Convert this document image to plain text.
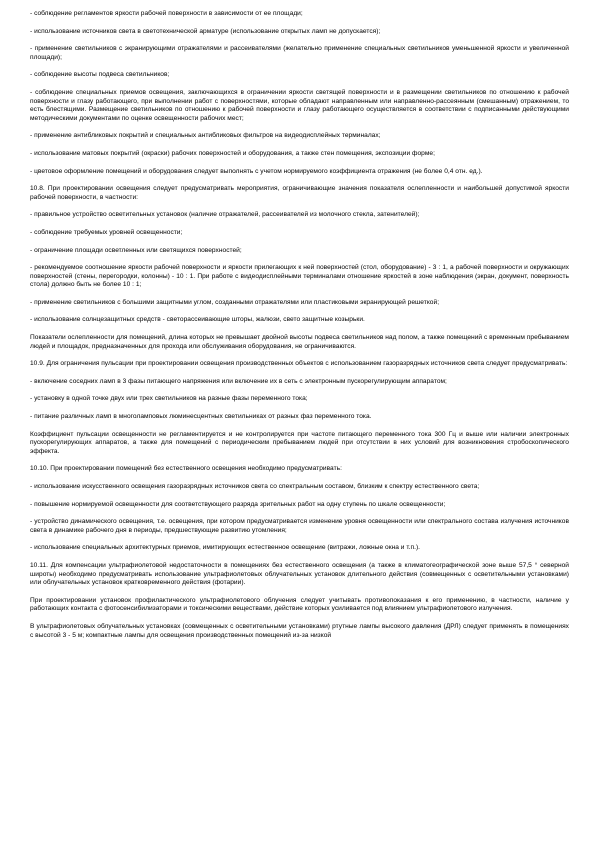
- соблюдение регламентов яркости рабочей поверхности в зависимости от ее площади;

- использование источников света в светотехнической арматуре (использование открытых ламп не допускается);

- применение светильников с экранирующими отражателями и рассеивателями (желательно применение специальных светильников уменьшенной яркости и увеличенной площади);

- соблюдение высоты подвеса светильников;

- соблюдение специальных приемов освещения, заключающихся в ограничении яркости светящей поверхности и в размещении светильников по отношению к рабочей поверхности и глазу работающего, при выполнении работ с поверхностями, которые обладают направленным или направленно-рассеянным (смешанным) отражением, то есть блестящими. Размещение светильников по отношению к рабочей поверхности и глазу работающего осуществляется в соответствии с подписанными действующими методическими документами по оценке освещенности рабочих мест;

- применение антибликовых покрытий и специальных антибликовых фильтров на видеодисплейных терминалах;

- использование матовых покрытий (окраски) рабочих поверхностей и оборудования, а также стен помещения, экспозиции форме;

- цветовое оформление помещений и оборудования следует выполнять с учетом нормируемого коэффициента отражения (не более 0,4 отн. ед.).

10.8. При проектировании освещения следует предусматривать мероприятия, ограничивающие значения показателя ослепленности и наибольшей допустимой яркости рабочей поверхности, в частности:

- правильное устройство осветительных установок (наличие отражателей, рассеивателей из молочного стекла, затенителей);

- соблюдение требуемых уровней освещенности;

- ограничение площади осветленных или светящихся поверхностей;

- рекомендуемое соотношение яркости рабочей поверхности и яркости прилегающих к ней поверхностей (стол, оборудование) - 3 : 1, а рабочей поверхности и окружающих поверхностей (стены, перегородки, колонны) - 10 : 1. При работе с видеодисплейными терминалами отношение яркостей в зоне наблюдения (экран, документ, поверхность стола) должно быть не более 10 : 1;

- применение светильников с большими защитными углом, созданными отражателями или пластиковыми экранирующей решеткой;

- использование солнцезащитных средств - светорассеивающие шторы, жалюзи, свето защитные козырьки.

Показатели ослепленности для помещений, длина которых не превышает двойной высоты подвеса светильников над полом, а также помещений с временным пребыванием людей и площадок, предназначенных для прохода или обслуживания оборудования, не ограничиваются.

10.9. Для ограничения пульсации при проектировании освещения производственных объектов с использованием газоразрядных источников света следует предусматривать:

- включение соседних ламп в 3 фазы питающего напряжения или включение их в сеть с электронным пускорегулирующим аппаратом;

- установку в одной точке двух или трех светильников на разные фазы переменного тока;

- питание различных ламп в многоламповых люминесцентных светильниках от разных фаз переменного тока.

Коэффициент пульсации освещенности не регламентируется и не контролируется при частоте питающего переменного тока 300 Гц и выше или наличии электронных пускорегулирующих аппаратов, а также для помещений с периодическим пребыванием людей при отсутствии в них условий для возникновения стробоскопического эффекта.

10.10. При проектировании помещений без естественного освещения необходимо предусматривать:

- использование искусственного освещения газоразрядных источников света со спектральным составом, близким к спектру естественного света;

- повышение нормируемой освещенности для соответствующего разряда зрительных работ на одну ступень по шкале освещенности;

- устройство динамического освещения, т.е. освещения, при котором предусматривается изменение уровня освещенности или спектрального состава излучения источников света в динамике рабочего дня в периоды, предшествующие развитию утомления;

- использование специальных архитектурных приемов, имитирующих естественное освещение (витражи, ложные окна и т.п.).

10.11. Для компенсации ультрафиолетовой недостаточности в помещениях без естественного освещения (а также в климатогеографической зоне выше 57,5 ° северной широты) необходимо предусматривать использование ультрафиолетовых облучательных установок длительного действия (совмещенных с осветительными установками) или облучательных установок кратковременного действия (фотарии).

При проектировании установок профилактического ультрафиолетового облучения следует учитывать противопоказания к его применению, в частности, наличие у работающих контакта с фотосенсибилизаторами и токсическими веществами, действие которых усиливается под влиянием ультрафиолетового излучения.

В ультрафиолетовых облучательных установках (совмещенных с осветительными установками) ртутные лампы высокого давления (ДРЛ) следует применять в помещениях с высотой 3 - 5 м; компактные лампы для освещения производственных помещений из-за низкой
